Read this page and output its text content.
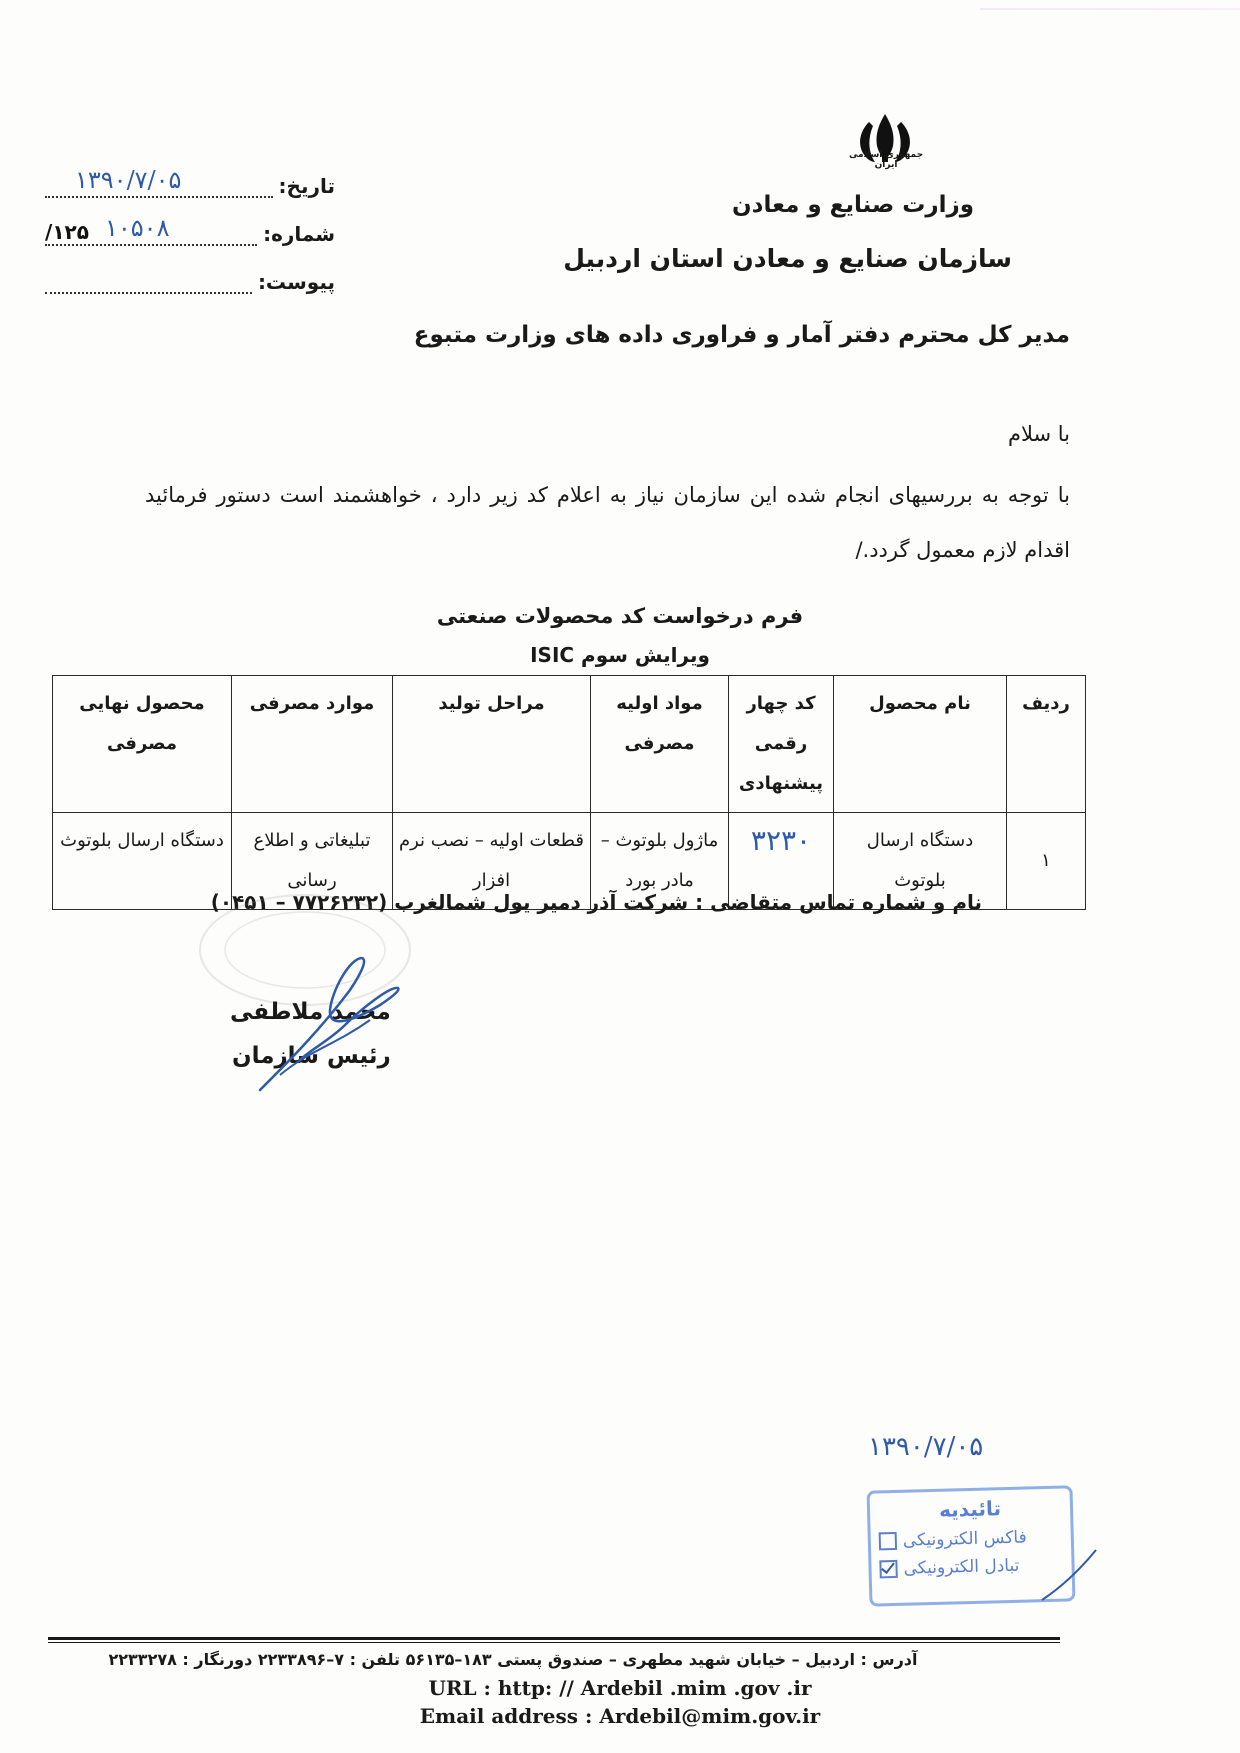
جمهوری اسلامی ایران
وزارت صنایع و معادن
سازمان صنایع و معادن استان اردبیل
تاریخ:
۱۳۹۰/۷/۰۵
شماره:
۱۲۵/ ۱۰۵۰۸
پیوست:
مدیر کل محترم دفتر آمار و فراوری داده های وزارت متبوع
با سلام
با توجه به بررسیهای انجام شده این سازمان نیاز به اعلام کد زیر دارد ، خواهشمند است دستور فرمائید اقدام لازم معمول گردد./
فرم درخواست کد محصولات صنعتی
ویرایش سوم ISIC
ردیف	نام محصول	کد چهار رقمی پیشنهادی	مواد اولیه مصرفی	مراحل تولید	موارد مصرفی	محصول نهایی مصرفی
۱	دستگاه ارسال بلوتوث	۳۲۳۰	ماژول بلوتوث – مادر بورد	قطعات اولیه – نصب نرم افزار	تبلیغاتی و اطلاع رسانی	دستگاه ارسال بلوتوث
نام و شماره تماس متقاضی : شرکت آذر دمیر یول شمالغرب (۷۷۲۶۲۳۲ – ۰۴۵۱)
محمد ملاطفی
رئیس سازمان
۱۳۹۰/۷/۰۵
تائیدیه
فاکس الکترونیکی
تبادل الکترونیکی
آدرس : اردبیل – خیابان شهید مطهری – صندوق پستی ۱۸۳–۵۶۱۳۵ تلفن : ۷–۲۲۳۳۸۹۶ دورنگار : ۲۲۳۳۲۷۸
URL : http: // Ardebil .mim .gov .ir
Email address : Ardebil@mim.gov.ir
